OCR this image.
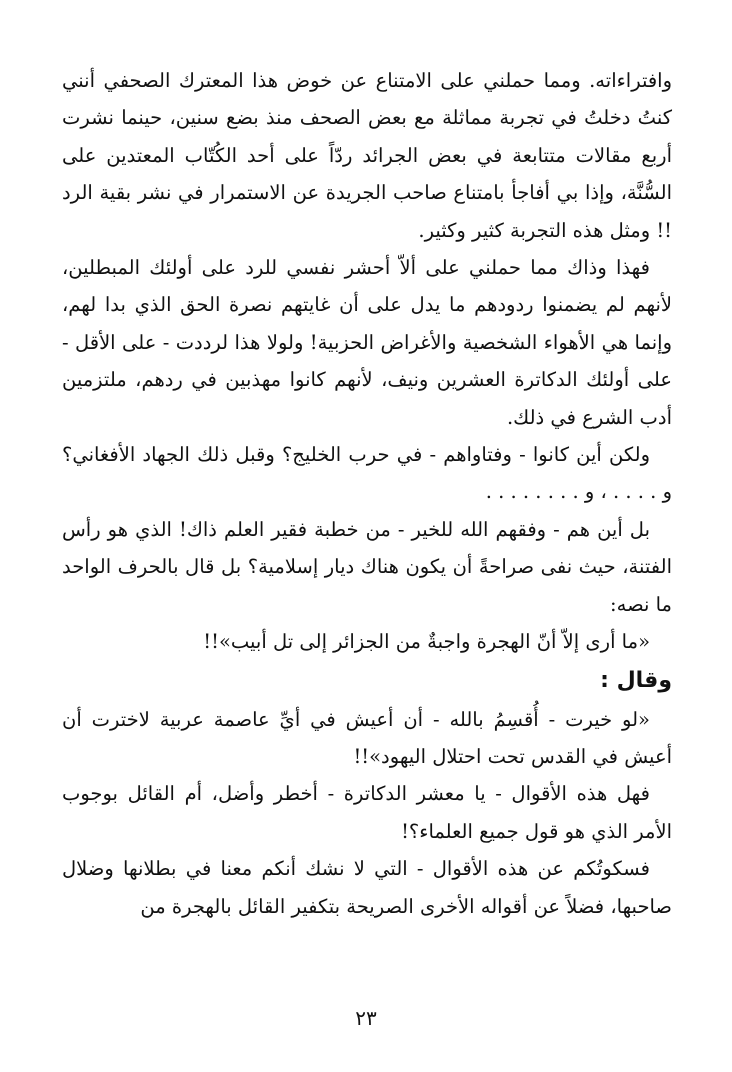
وافتراءاته. ومما حملني على الامتناع عن خوض هذا المعترك الصحفي أنني كنتُ دخلتُ في تجربة مماثلة مع بعض الصحف منذ بضع سنين، حينما نشرت أربع مقالات متتابعة في بعض الجرائد ردّاً على أحد الكُتّاب المعتدين على السُّنَّة، وإذا بي أفاجأ بامتناع صاحب الجريدة عن الاستمرار في نشر بقية الرد !! ومثل هذه التجربة كثير وكثير.

فهذا وذاك مما حملني على ألاّ أحشر نفسي للرد على أولئك المبطلين، لأنهم لم يضمنوا ردودهم ما يدل على أن غايتهم نصرة الحق الذي بدا لهم، وإنما هي الأهواء الشخصية والأغراض الحزبية! ولولا هذا لرددت - على الأقل - على أولئك الدكاترة العشرين ونيف، لأنهم كانوا مهذبين في ردهم، ملتزمين أدب الشرع في ذلك.

ولكن أين كانوا - وفتاواهم - في حرب الخليج؟ وقبل ذلك الجهاد الأفغاني؟ و . . . . ، و . . . . . . . .

بل أين هم - وفقهم الله للخير - من خطبة فقير العلم ذاك! الذي هو رأس الفتنة، حيث نفى صراحةً أن يكون هناك ديار إسلامية؟ بل قال بالحرف الواحد ما نصه:

«ما أرى إلاّ أنّ الهجرة واجبةٌ من الجزائر إلى تل أبيب»!!

وقال :

«لو خيرت - أُقسِمُ بالله - أن أعيش في أيِّ عاصمة عربية لاخترت أن أعيش في القدس تحت احتلال اليهود»!!

فهل هذه الأقوال - يا معشر الدكاترة - أخطر وأضل، أم القائل بوجوب الأمر الذي هو قول جميع العلماء؟!

فسكوتُكم عن هذه الأقوال - التي لا نشك أنكم معنا في بطلانها وضلال صاحبها، فضلاً عن أقواله الأخرى الصريحة بتكفير القائل بالهجرة من

٢٣
